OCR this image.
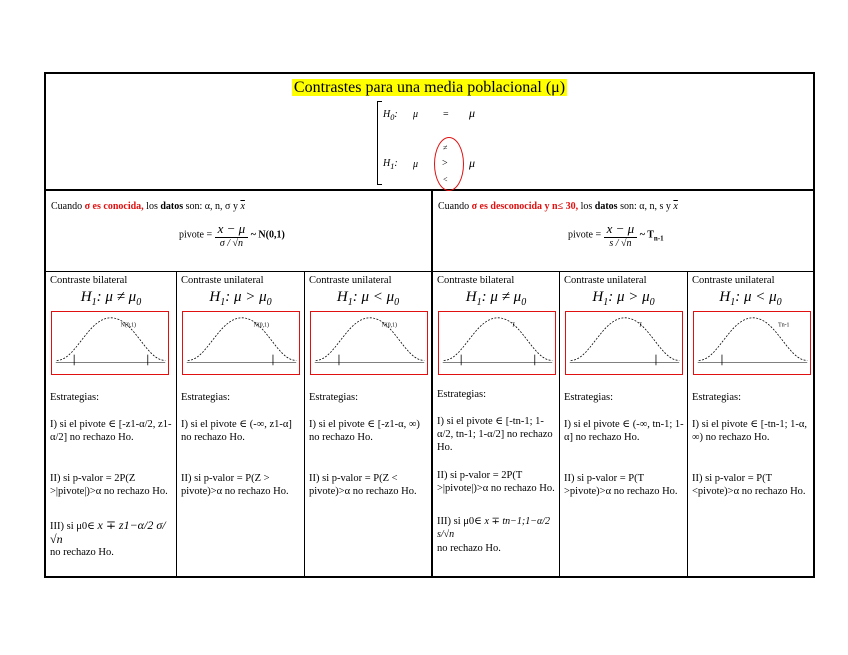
Contrastes para una media poblacional (μ)
$H_0$: μ = μ
$H_1$: μ
≠
>
<
μ
Cuando σ es conocida, los datos son: α, n, σ y $\overline{x}$
pivote = $\frac{x - \mu}{\sigma / √n}$ ~ N(0,1)
Cuando σ es desconocida y n≤ 30, los datos son: α, n, s y $\overline{x}$
pivote = $\frac{x - \mu}{s / √n}$ ~ $T_{n-1}$
Contraste bilateral
$H_1$: $\mu \ne \mu_0$
N(0,1)
Estrategias:
I) si el pivote ∈ [-z1-α/2, z1-α/2] no rechazo Ho.
II) si p-valor = 2P(Z >|pivote|)>α no rechazo Ho.
III) si μ0∈ x ∓ z1−α/2 σ/√n
no rechazo Ho.
Contraste unilateral
$H_1$: $\mu > \mu_0$
N(0,1)
Estrategias:
I) si el pivote ∈ (-∞, z1-α] no rechazo Ho.
II) si p-valor = P(Z > pivote)>α no rechazo Ho.
Contraste unilateral
$H_1$: $\mu < \mu_0$
N(0,1)
Estrategias:
I) si el pivote ∈ [-z1-α, ∞) no rechazo Ho.
II) si p-valor = P(Z < pivote)>α no rechazo Ho.
Contraste bilateral
$H_1$: $\mu \ne \mu_0$
T
Estrategias:
I) si el pivote ∈ [-tn-1; 1-α/2, tn-1; 1-α/2] no rechazo Ho.
II) si p-valor = 2P(T >|pivote|)>α no rechazo Ho.
III) si μ0∈ x ∓ tn−1;1−α/2 s/√n
no rechazo Ho.
Contraste unilateral
$H_1$: $\mu > \mu_0$
T
Estrategias:
I) si el pivote ∈ (-∞, tn-1; 1-α] no rechazo Ho.
II) si p-valor = P(T >pivote)>α no rechazo Ho.
Contraste unilateral
$H_1$: $\mu < \mu_0$
Tn-1
Estrategias:
I) si el pivote ∈ [-tn-1; 1-α, ∞) no rechazo Ho.
II) si p-valor = P(T <pivote)>α no rechazo Ho.
